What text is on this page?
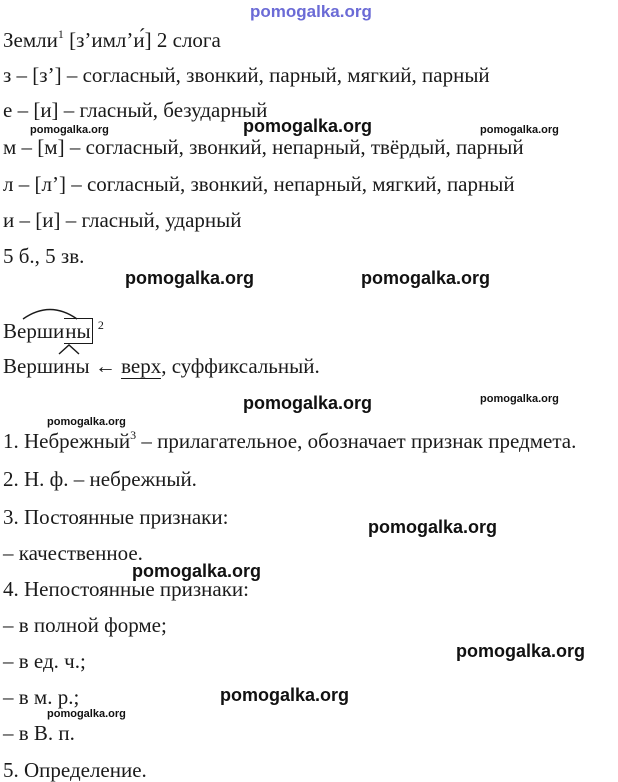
pomogalka.org
Земли$^1$ [з’имл’и́] 2 слога
з – [з’] – согласный, звонкий, парный, мягкий, парный
е – [и] – гласный, безударный
м – [м] – согласный, звонкий, непарный, твёрдый, парный
л – [л’] – согласный, звонкий, непарный, мягкий, парный
и – [и] – гласный, ударный
5 б., 5 зв.
Вершины $^2$
Вершины ← верх, суффиксальный.
1. Небрежный$^3$ – прилагательное, обозначает признак предмета.
2. Н. ф. – небрежный.
3. Постоянные признаки:
– качественное.
4. Непостоянные признаки:
– в полной форме;
– в ед. ч.;
– в м. р.;
– в В. п.
5. Определение.
pomogalka.org	pomogalka.org	pomogalka.org
pomogalka.org	pomogalka.org
pomogalka.org	pomogalka.org
pomogalka.org
pomogalka.org
pomogalka.org
pomogalka.org
pomogalka.org
pomogalka.org
